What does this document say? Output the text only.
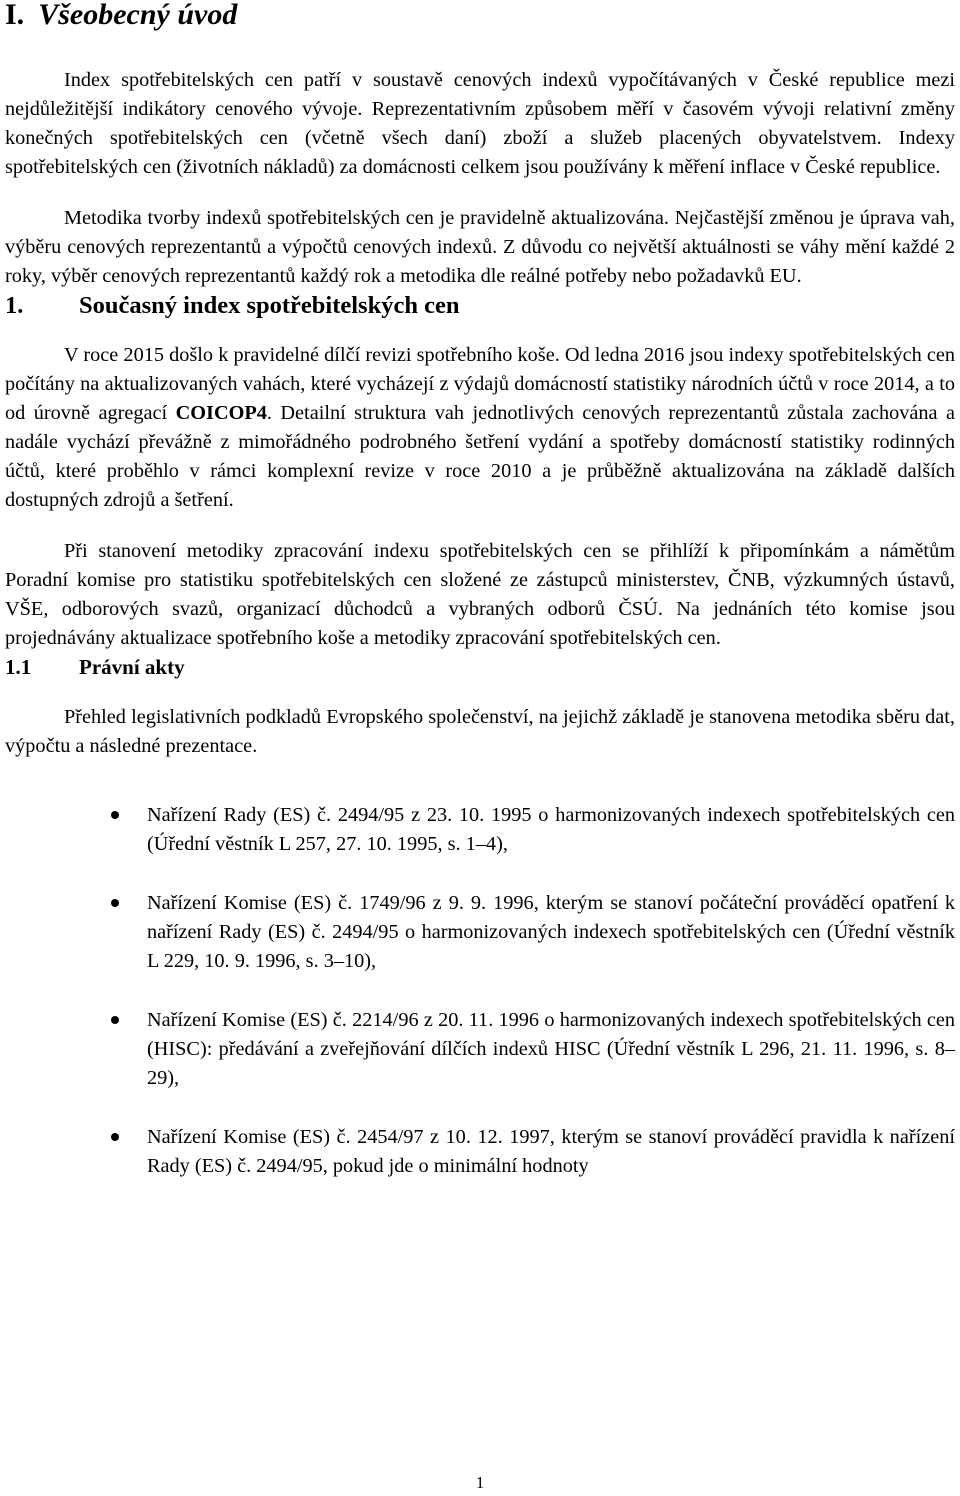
I. Všeobecný úvod

Index spotřebitelských cen patří v soustavě cenových indexů vypočítávaných v České republice mezi nejdůležitější indikátory cenového vývoje. Reprezentativním způsobem měří v časovém vývoji relativní změny konečných spotřebitelských cen (včetně všech daní) zboží a služeb placených obyvatelstvem. Indexy spotřebitelských cen (životních nákladů) za domácnosti celkem jsou používány k měření inflace v České republice.

Metodika tvorby indexů spotřebitelských cen je pravidelně aktualizována. Nejčastější změnou je úprava vah, výběru cenových reprezentantů a výpočtů cenových indexů. Z důvodu co největší aktuálnosti se váhy mění každé 2 roky, výběr cenových reprezentantů každý rok a metodika dle reálné potřeby nebo požadavků EU.

1.	Současný index spotřebitelských cen

V roce 2015 došlo k pravidelné dílčí revizi spotřebního koše. Od ledna 2016 jsou indexy spotřebitelských cen počítány na aktualizovaných vahách, které vycházejí z výdajů domácností statistiky národních účtů v roce 2014, a to od úrovně agregací COICOP4. Detailní struktura vah jednotlivých cenových reprezentantů zůstala zachována a nadále vychází převážně z mimořádného podrobného šetření vydání a spotřeby domácností statistiky rodinných účtů, které proběhlo v rámci komplexní revize v roce 2010 a je průběžně aktualizována na základě dalších dostupných zdrojů a šetření.

Při stanovení metodiky zpracování indexu spotřebitelských cen se přihlíží k připomínkám a námětům Poradní komise pro statistiku spotřebitelských cen složené ze zástupců ministerstev, ČNB, výzkumných ústavů, VŠE, odborových svazů, organizací důchodců a vybraných odborů ČSÚ. Na jednáních této komise jsou projednávány aktualizace spotřebního koše a metodiky zpracování spotřebitelských cen.

1.1	Právní akty

Přehled legislativních podkladů Evropského společenství, na jejichž základě je stanovena metodika sběru dat, výpočtu a následné prezentace.

Nařízení Rady (ES) č. 2494/95 z 23. 10. 1995 o harmonizovaných indexech spotřebitelských cen (Úřední věstník L 257, 27. 10. 1995, s. 1–4),

Nařízení Komise (ES) č. 1749/96 z 9. 9. 1996, kterým se stanoví počáteční prováděcí opatření k nařízení Rady (ES) č. 2494/95 o harmonizovaných indexech spotřebitelských cen (Úřední věstník L 229, 10. 9. 1996, s. 3–10),

Nařízení Komise (ES) č. 2214/96 z 20. 11. 1996 o harmonizovaných indexech spotřebitelských cen (HISC): předávání a zveřejňování dílčích indexů HISC (Úřední věstník L 296, 21. 11. 1996, s. 8–29),

Nařízení Komise (ES) č. 2454/97 z 10. 12. 1997, kterým se stanoví prováděcí pravidla k nařízení Rady (ES) č. 2494/95, pokud jde o minimální hodnoty

1
